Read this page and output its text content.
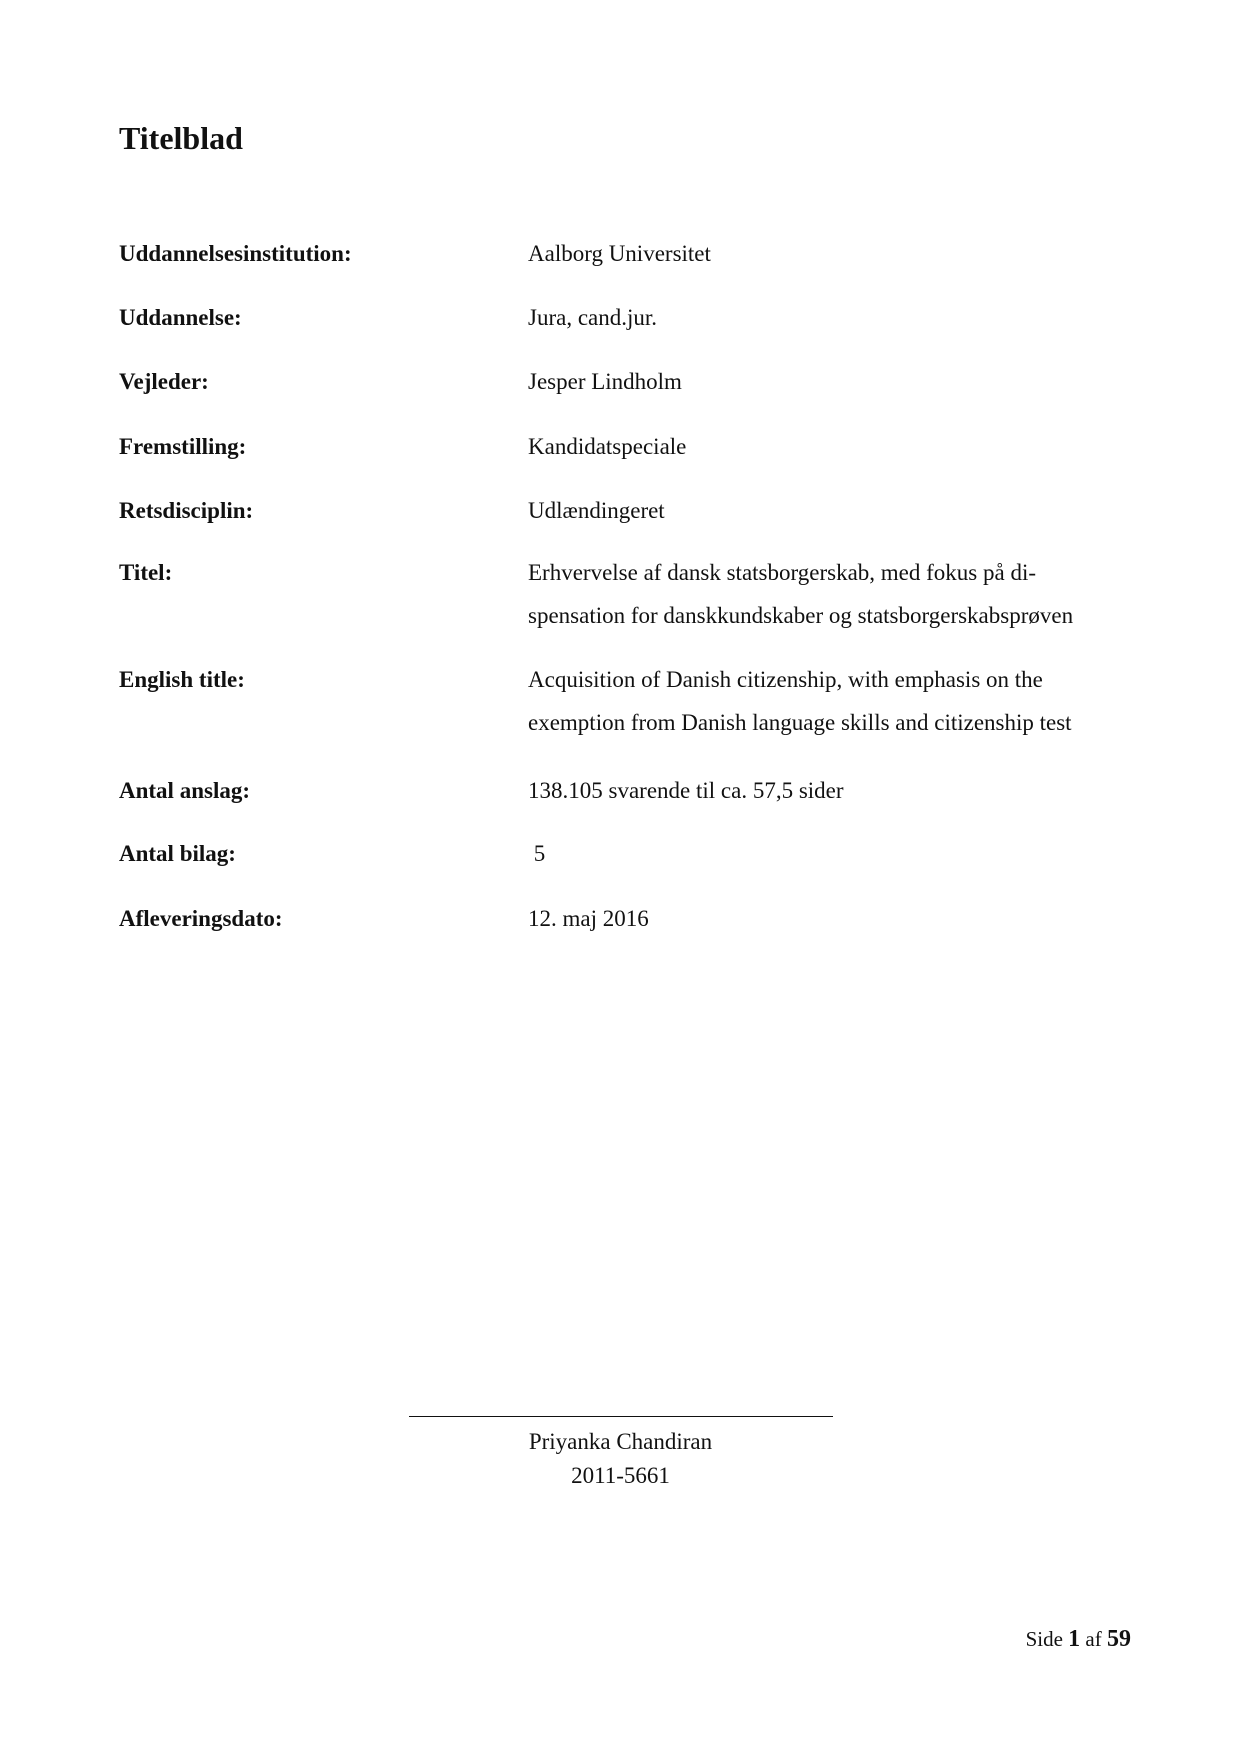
Titelblad
Uddannelsesinstitution:	Aalborg Universitet
Uddannelse:	Jura, cand.jur.
Vejleder:	Jesper Lindholm
Fremstilling:	Kandidatspeciale
Retsdisciplin:	Udlændingeret
Titel:	Erhvervelse af dansk statsborgerskab, med fokus på di-
spensation for danskkundskaber og statsborgerskabsprøven
English title:	Acquisition of Danish citizenship, with emphasis on the
exemption from Danish language skills and citizenship test
Antal anslag:	138.105 svarende til ca. 57,5 sider
Antal bilag:	5
Afleveringsdato:	12. maj 2016
Priyanka Chandiran
2011-5661
Side 1 af 59
